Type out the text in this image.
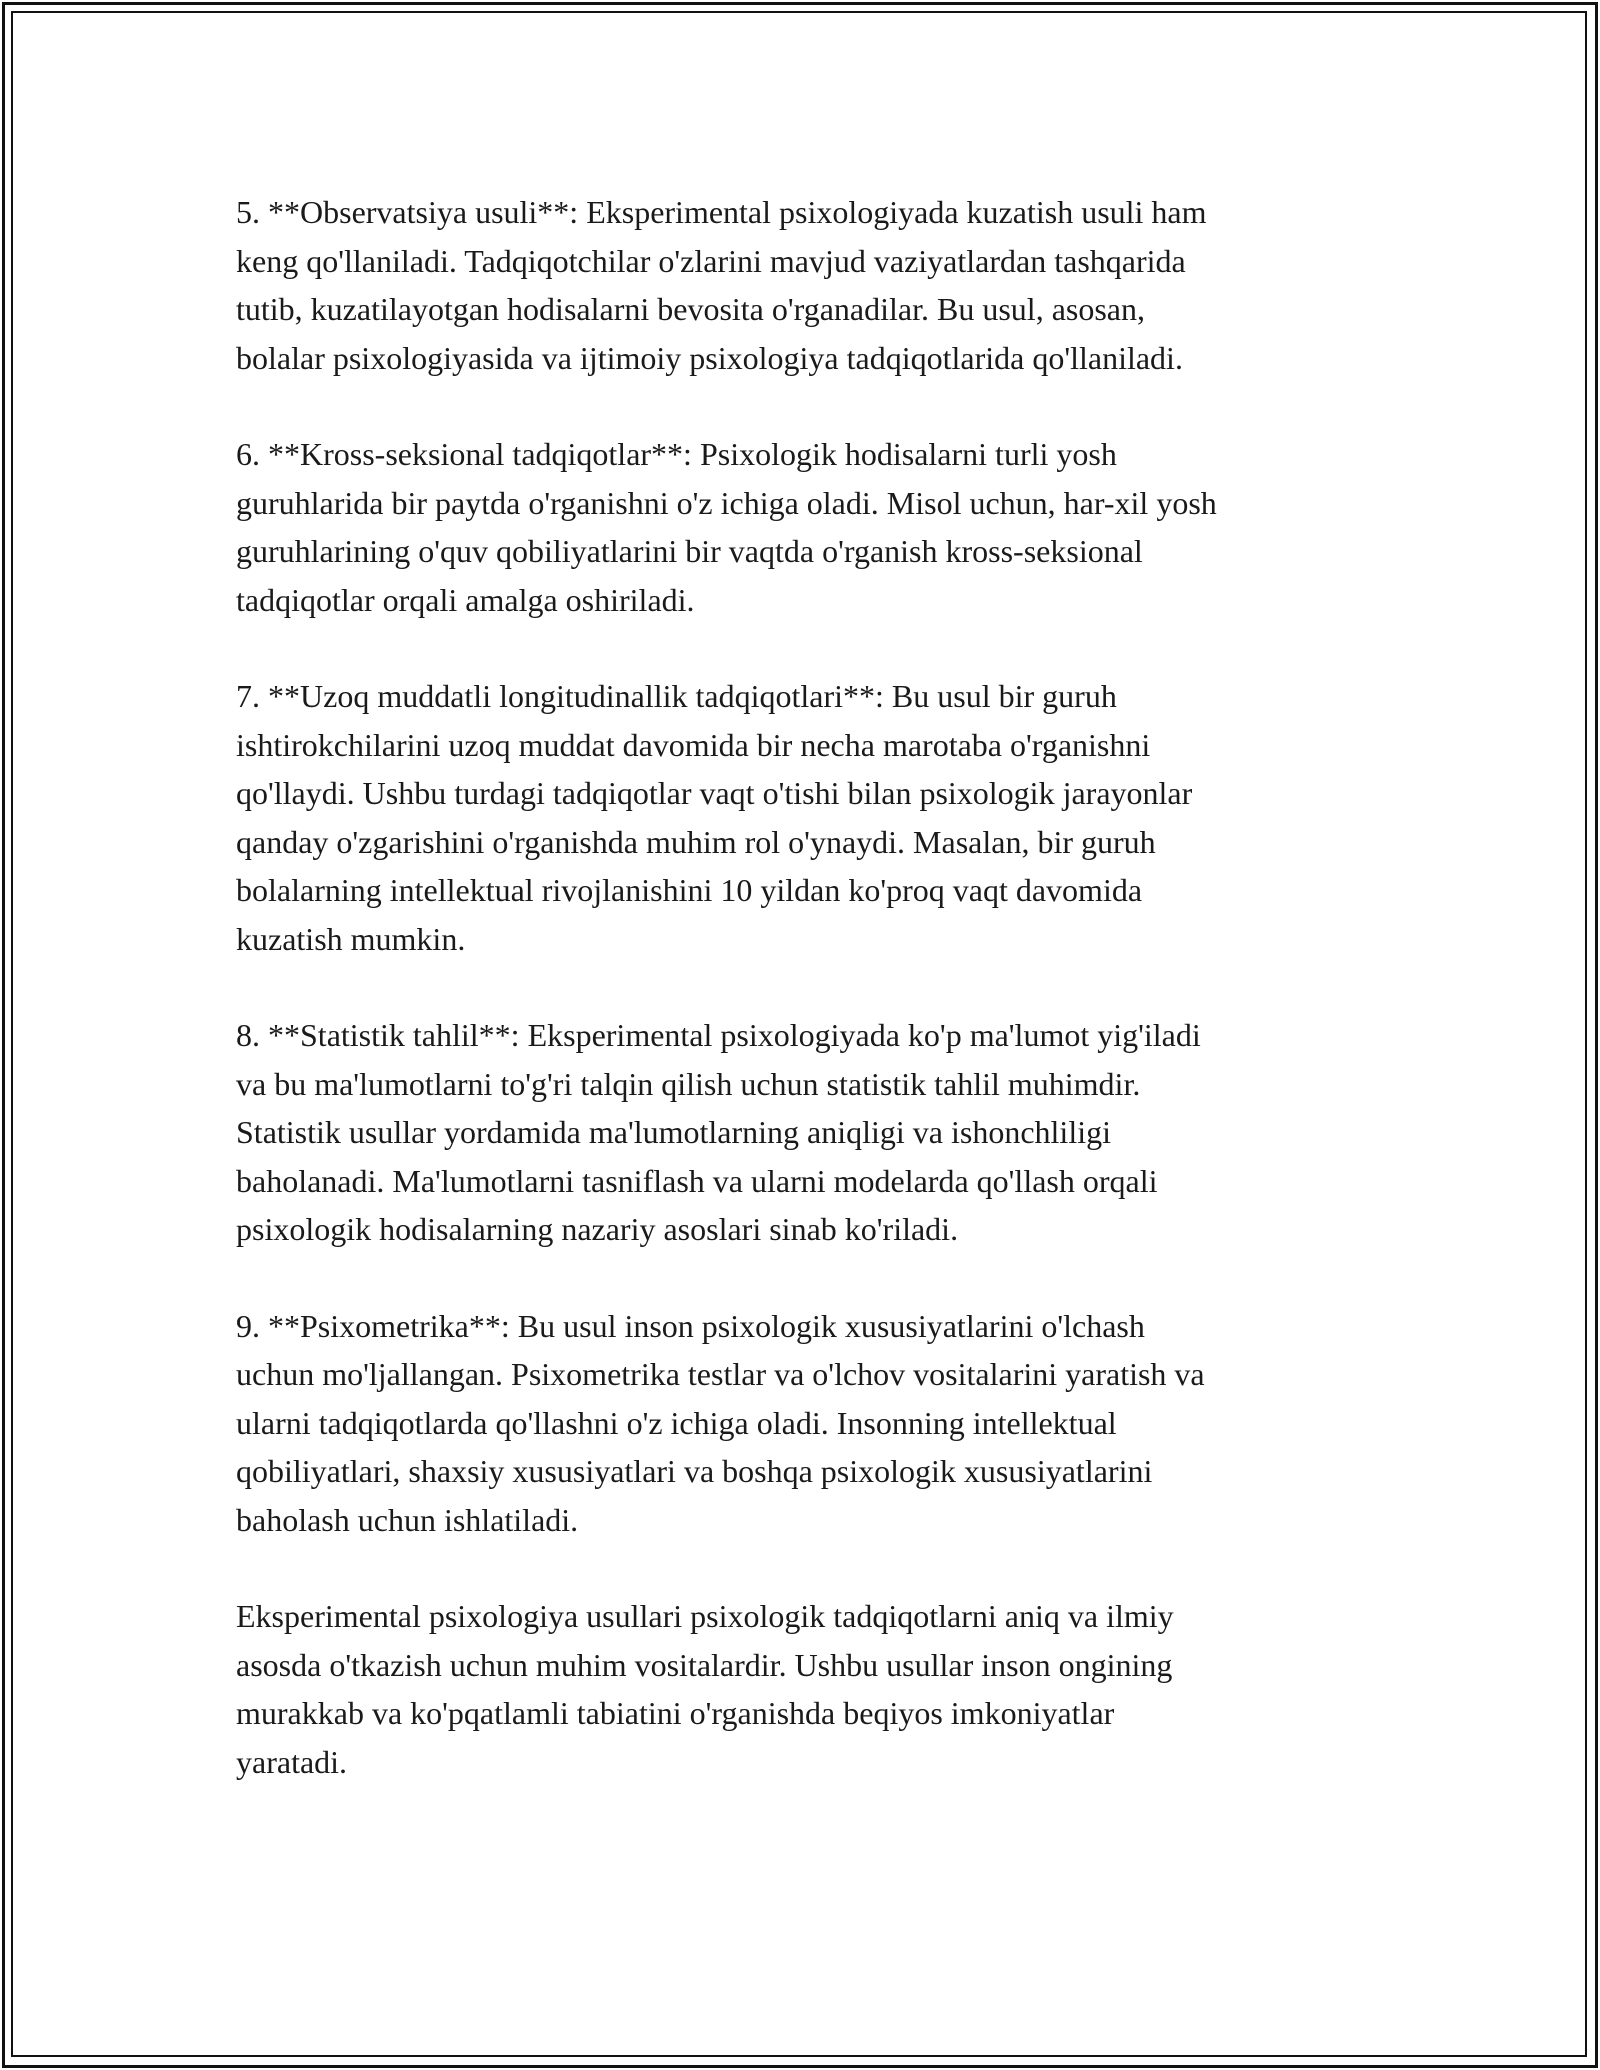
5. **Observatsiya usuli**: Eksperimental psixologiyada kuzatish usuli ham
keng qo'llaniladi. Tadqiqotchilar o'zlarini mavjud vaziyatlardan tashqarida
tutib, kuzatilayotgan hodisalarni bevosita o'rganadilar. Bu usul, asosan,
bolalar psixologiyasida va ijtimoiy psixologiya tadqiqotlarida qo'llaniladi.

6. **Kross-seksional tadqiqotlar**: Psixologik hodisalarni turli yosh
guruhlarida bir paytda o'rganishni o'z ichiga oladi. Misol uchun, har-xil yosh
guruhlarining o'quv qobiliyatlarini bir vaqtda o'rganish kross-seksional
tadqiqotlar orqali amalga oshiriladi.

7. **Uzoq muddatli longitudinallik tadqiqotlari**: Bu usul bir guruh
ishtirokchilarini uzoq muddat davomida bir necha marotaba o'rganishni
qo'llaydi. Ushbu turdagi tadqiqotlar vaqt o'tishi bilan psixologik jarayonlar
qanday o'zgarishini o'rganishda muhim rol o'ynaydi. Masalan, bir guruh
bolalarning intellektual rivojlanishini 10 yildan ko'proq vaqt davomida
kuzatish mumkin.

8. **Statistik tahlil**: Eksperimental psixologiyada ko'p ma'lumot yig'iladi
va bu ma'lumotlarni to'g'ri talqin qilish uchun statistik tahlil muhimdir.
Statistik usullar yordamida ma'lumotlarning aniqligi va ishonchliligi
baholanadi. Ma'lumotlarni tasniflash va ularni modelarda qo'llash orqali
psixologik hodisalarning nazariy asoslari sinab ko'riladi.

9. **Psixometrika**: Bu usul inson psixologik xususiyatlarini o'lchash
uchun mo'ljallangan. Psixometrika testlar va o'lchov vositalarini yaratish va
ularni tadqiqotlarda qo'llashni o'z ichiga oladi. Insonning intellektual
qobiliyatlari, shaxsiy xususiyatlari va boshqa psixologik xususiyatlarini
baholash uchun ishlatiladi.

Eksperimental psixologiya usullari psixologik tadqiqotlarni aniq va ilmiy
asosda o'tkazish uchun muhim vositalardir. Ushbu usullar inson ongining
murakkab va ko'pqatlamli tabiatini o'rganishda beqiyos imkoniyatlar
yaratadi.
